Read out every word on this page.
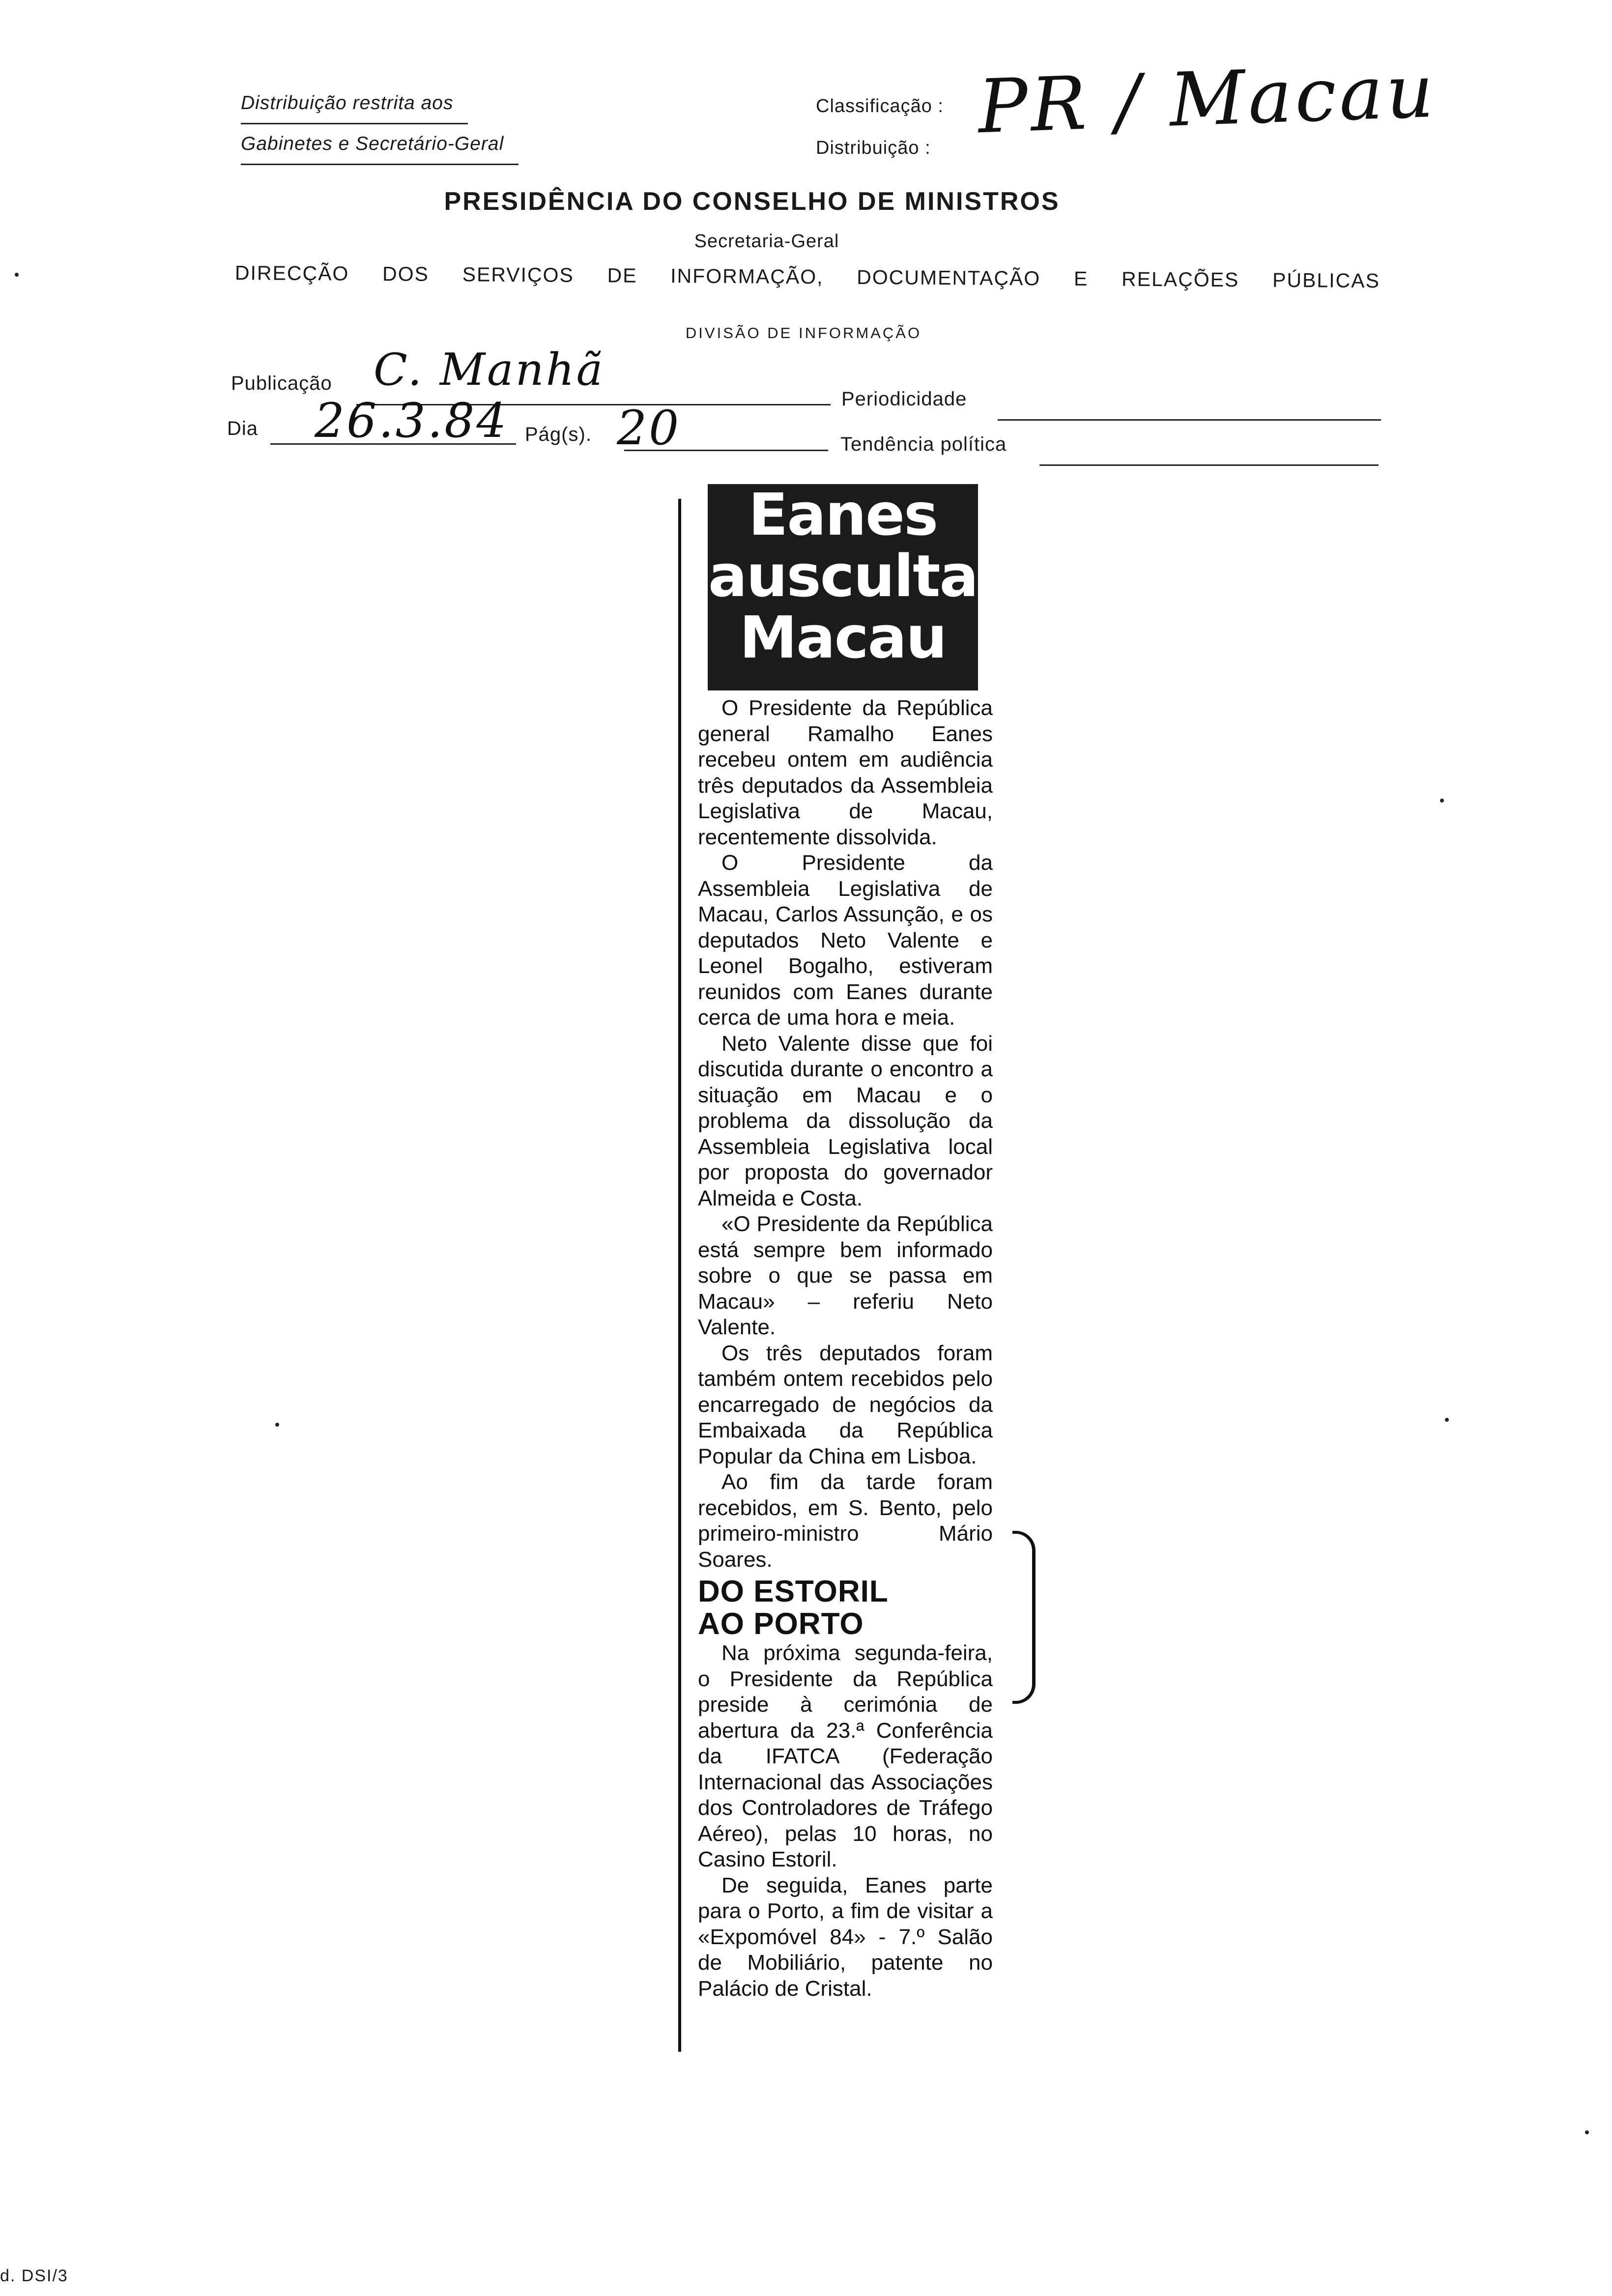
Distribuição restrita aos
Gabinetes e Secretário-Geral
Classificação : PR / Macau
Distribuição :
PRESIDÊNCIA DO CONSELHO DE MINISTROS
Secretaria-Geral
DIRECÇÃO DOS SERVIÇOS DE INFORMAÇÃO, DOCUMENTAÇÃO E RELAÇÕES PÚBLICAS
DIVISÃO DE INFORMAÇÃO
Publicação C. Manhã
Periodicidade
Dia 26.3.84 Pág(s). 20	Tendência política
Eanes
ausculta
Macau

O Presidente da República general Ramalho Eanes recebeu ontem em audiência três deputados da Assembleia Legislativa de Macau, recentemente dissolvida.

O Presidente da Assembleia Legislativa de Macau, Carlos Assunção, e os deputados Neto Valente e Leonel Bogalho, estiveram reunidos com Eanes durante cerca de uma hora e meia.

Neto Valente disse que foi discutida durante o encontro a situação em Macau e o problema da dissolução da Assembleia Legislativa local por proposta do governador Almeida e Costa.

«O Presidente da República está sempre bem informado sobre o que se passa em Macau» – referiu Neto Valente.

Os três deputados foram também ontem recebidos pelo encarregado de negócios da Embaixada da República Popular da China em Lisboa.

Ao fim da tarde foram recebidos, em S. Bento, pelo primeiro-ministro Mário Soares.

DO ESTORIL
AO PORTO

Na próxima segunda-feira, o Presidente da República preside à cerimónia de abertura da 23.ª Conferência da IFATCA (Federação Internacional das Associações dos Controladores de Tráfego Aéreo), pelas 10 horas, no Casino Estoril.

De seguida, Eanes parte para o Porto, a fim de visitar a «Expomóvel 84» - 7.º Salão de Mobiliário, patente no Palácio de Cristal.

d. DSI/3
